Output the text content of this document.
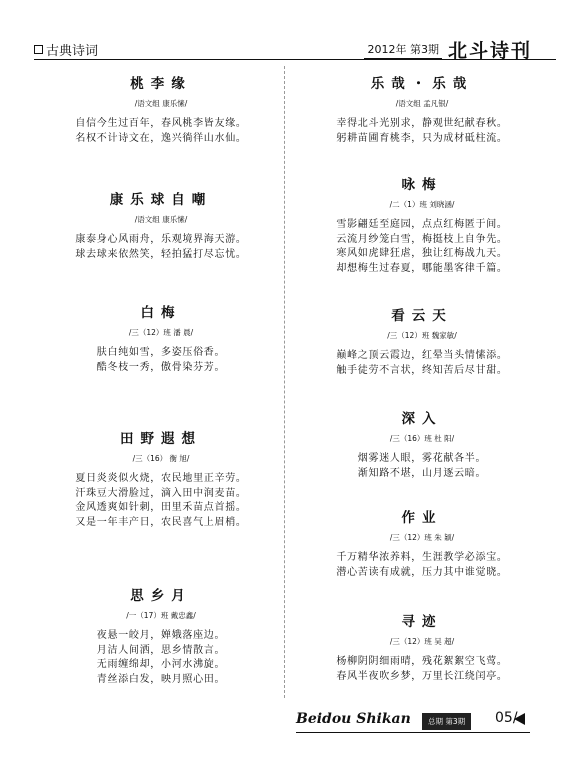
古典诗词	2012年 第3期 北斗诗刊
桃李缘
/语文组 康乐愫/
自信今生过百年，春风桃李皆友缘。
名权不计诗文在，逸兴徜徉山水仙。
康乐球自嘲
/语文组 康乐愫/
康泰身心风雨舟，乐观境界海天游。
球去球来依然笑，轻拍猛打尽忘忧。
白梅
/三（12）班 潘 晨/
肤白纯如雪，多姿压俗香。
酷冬枝一秀，傲骨染芬芳。
田野遐想
/三（16） 衡 旭/
夏日炎炎似火烧，农民地里正辛劳。
汗珠豆大滑脸过，滴入田中润麦苗。
金风透爽如针刺，田里禾苗点首摇。
又是一年丰产日，农民喜气上眉梢。
思乡月
/一（17）班 戴忠鑫/
夜悬一皎月，婵娥落座边。
月洁人间洒，思乡情散言。
无雨缠绵却，小河水沸旋。
青丝添白发，映月照心田。
乐哉・乐哉
/语文组 孟凡银/
幸得北斗光别求，静观世纪献春秋。
躬耕苗圃育桃李，只为成材砥柱流。
咏梅
/二（1）班 刘晓涵/
雪影翩廷至庭园，点点红梅匿于间。
云流月纱笼白雪，梅挺枝上自争先。
寒风如虎肆狂虐，独让红梅战九天。
却想梅生过春夏，哪能墨客律千篇。
看云天
/三（12）班 魏家敏/
巅峰之顶云霞边，红晕当头情愫添。
触手徒劳不言状，终知苦后尽甘甜。
深入
/三（16）班 杜 阳/
烟雾迷人眼，雾花献各半。
渐知路不堪，山月逐云暗。
作业
/三（12）班 朱 颖/
千万精华浓养料，生涯教学必添宝。
潜心苦读有成就，压力其中谁觉晓。
寻迹
/三（12）班 吴 超/
杨柳阴阴细雨晴，残花絮絮空飞莺。
春风半夜吹乡梦，万里长江绕闰亭。
Beidou Shikan	总期 第3期	05/
